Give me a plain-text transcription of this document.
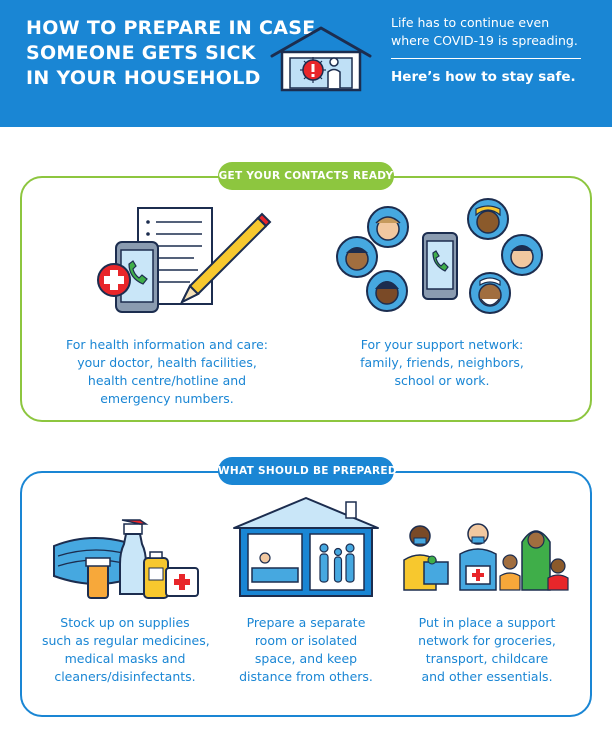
HOW TO PREPARE IN CASE
SOMEONE GETS SICK
IN YOUR HOUSEHOLD
Life has to continue even
where COVID-19 is spreading.
Here’s how to stay safe.
GET YOUR CONTACTS READY
For health information and care:
your doctor, health facilities,
health centre/hotline and
emergency numbers.
For your support network:
family, friends, neighbors,
school or work.
WHAT SHOULD BE PREPARED
Stock up on supplies
such as regular medicines,
medical masks and
cleaners/disinfectants.
Prepare a separate
room or isolated
space, and keep
distance from others.
Put in place a support
network for groceries,
transport, childcare
and other essentials.
